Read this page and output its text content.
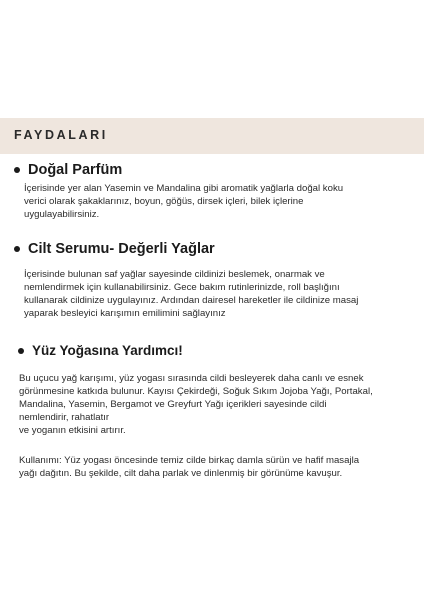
FAYDALARI
Doğal Parfüm

İçerisinde yer alan Yasemin ve Mandalina gibi aromatik yağlarla doğal koku
verici olarak şakaklarınız, boyun, göğüs, dirsek içleri, bilek içlerine
uygulayabilirsiniz.

Cilt Serumu- Değerli Yağlar

İçerisinde bulunan saf yağlar sayesinde cildinizi beslemek, onarmak ve
nemlendirmek için kullanabilirsiniz. Gece bakım rutinlerinizde, roll başlığını
kullanarak cildinize uygulayınız. Ardından dairesel hareketler ile cildinize masaj
yaparak besleyici karışımın emilimini sağlayınız

Yüz Yoğasına Yardımcı!

Bu uçucu yağ karışımı, yüz yogası sırasında cildi besleyerek daha canlı ve esnek
görünmesine katkıda bulunur. Kayısı Çekirdeği, Soğuk Sıkım Jojoba Yağı, Portakal,
Mandalina, Yasemin, Bergamot ve Greyfurt Yağı içerikleri sayesinde cildi
nemlendirir, rahatlatır
ve yoganın etkisini artırır.

Kullanımı: Yüz yogası öncesinde temiz cilde birkaç damla sürün ve hafif masajla
yağı dağıtın. Bu şekilde, cilt daha parlak ve dinlenmiş bir görünüme kavuşur.
